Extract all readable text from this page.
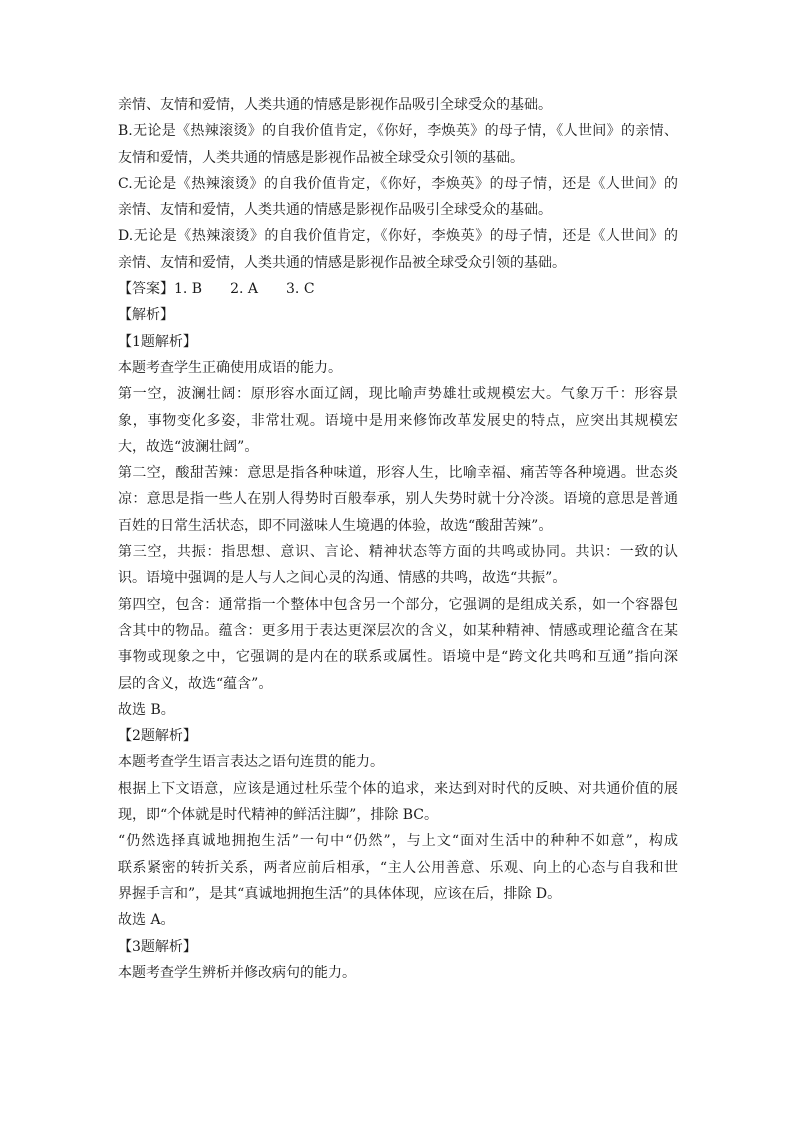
亲情、友情和爱情，人类共通的情感是影视作品吸引全球受众的基础。
B.无论是《热辣滚烫》的自我价值肯定，《你好，李焕英》的母子情，《人世间》的亲情、
友情和爱情，人类共通的情感是影视作品被全球受众引领的基础。
C.无论是《热辣滚烫》的自我价值肯定，《你好，李焕英》的母子情，还是《人世间》的
亲情、友情和爱情，人类共通的情感是影视作品吸引全球受众的基础。
D.无论是《热辣滚烫》的自我价值肯定，《你好，李焕英》的母子情，还是《人世间》的
亲情、友情和爱情，人类共通的情感是影视作品被全球受众引领的基础。
【答案】1. B　　2. A　　3. C
【解析】
【1题解析】
本题考查学生正确使用成语的能力。
第一空，波澜壮阔：原形容水面辽阔，现比喻声势雄壮或规模宏大。气象万千：形容景
象，事物变化多姿，非常壮观。语境中是用来修饰改革发展史的特点，应突出其规模宏
大，故选“波澜壮阔”。
第二空，酸甜苦辣：意思是指各种味道，形容人生，比喻幸福、痛苦等各种境遇。世态炎
凉：意思是指一些人在别人得势时百般奉承，别人失势时就十分冷淡。语境的意思是普通
百姓的日常生活状态，即不同滋味人生境遇的体验，故选“酸甜苦辣”。
第三空，共振：指思想、意识、言论、精神状态等方面的共鸣或协同。共识：一致的认
识。语境中强调的是人与人之间心灵的沟通、情感的共鸣，故选“共振”。
第四空，包含：通常指一个整体中包含另一个部分，它强调的是组成关系，如一个容器包
含其中的物品。蕴含：更多用于表达更深层次的含义，如某种精神、情感或理论蕴含在某
事物或现象之中，它强调的是内在的联系或属性。语境中是“跨文化共鸣和互通”指向深
层的含义，故选“蕴含”。
故选 B。
【2题解析】
本题考查学生语言表达之语句连贯的能力。
根据上下文语意，应该是通过杜乐莹个体的追求，来达到对时代的反映、对共通价值的展
现，即“个体就是时代精神的鲜活注脚”，排除 BC。
“仍然选择真诚地拥抱生活”一句中“仍然”，与上文“面对生活中的种种不如意”，构成
联系紧密的转折关系，两者应前后相承，“主人公用善意、乐观、向上的心态与自我和世
界握手言和”，是其“真诚地拥抱生活”的具体体现，应该在后，排除 D。
故选 A。
【3题解析】
本题考查学生辨析并修改病句的能力。
